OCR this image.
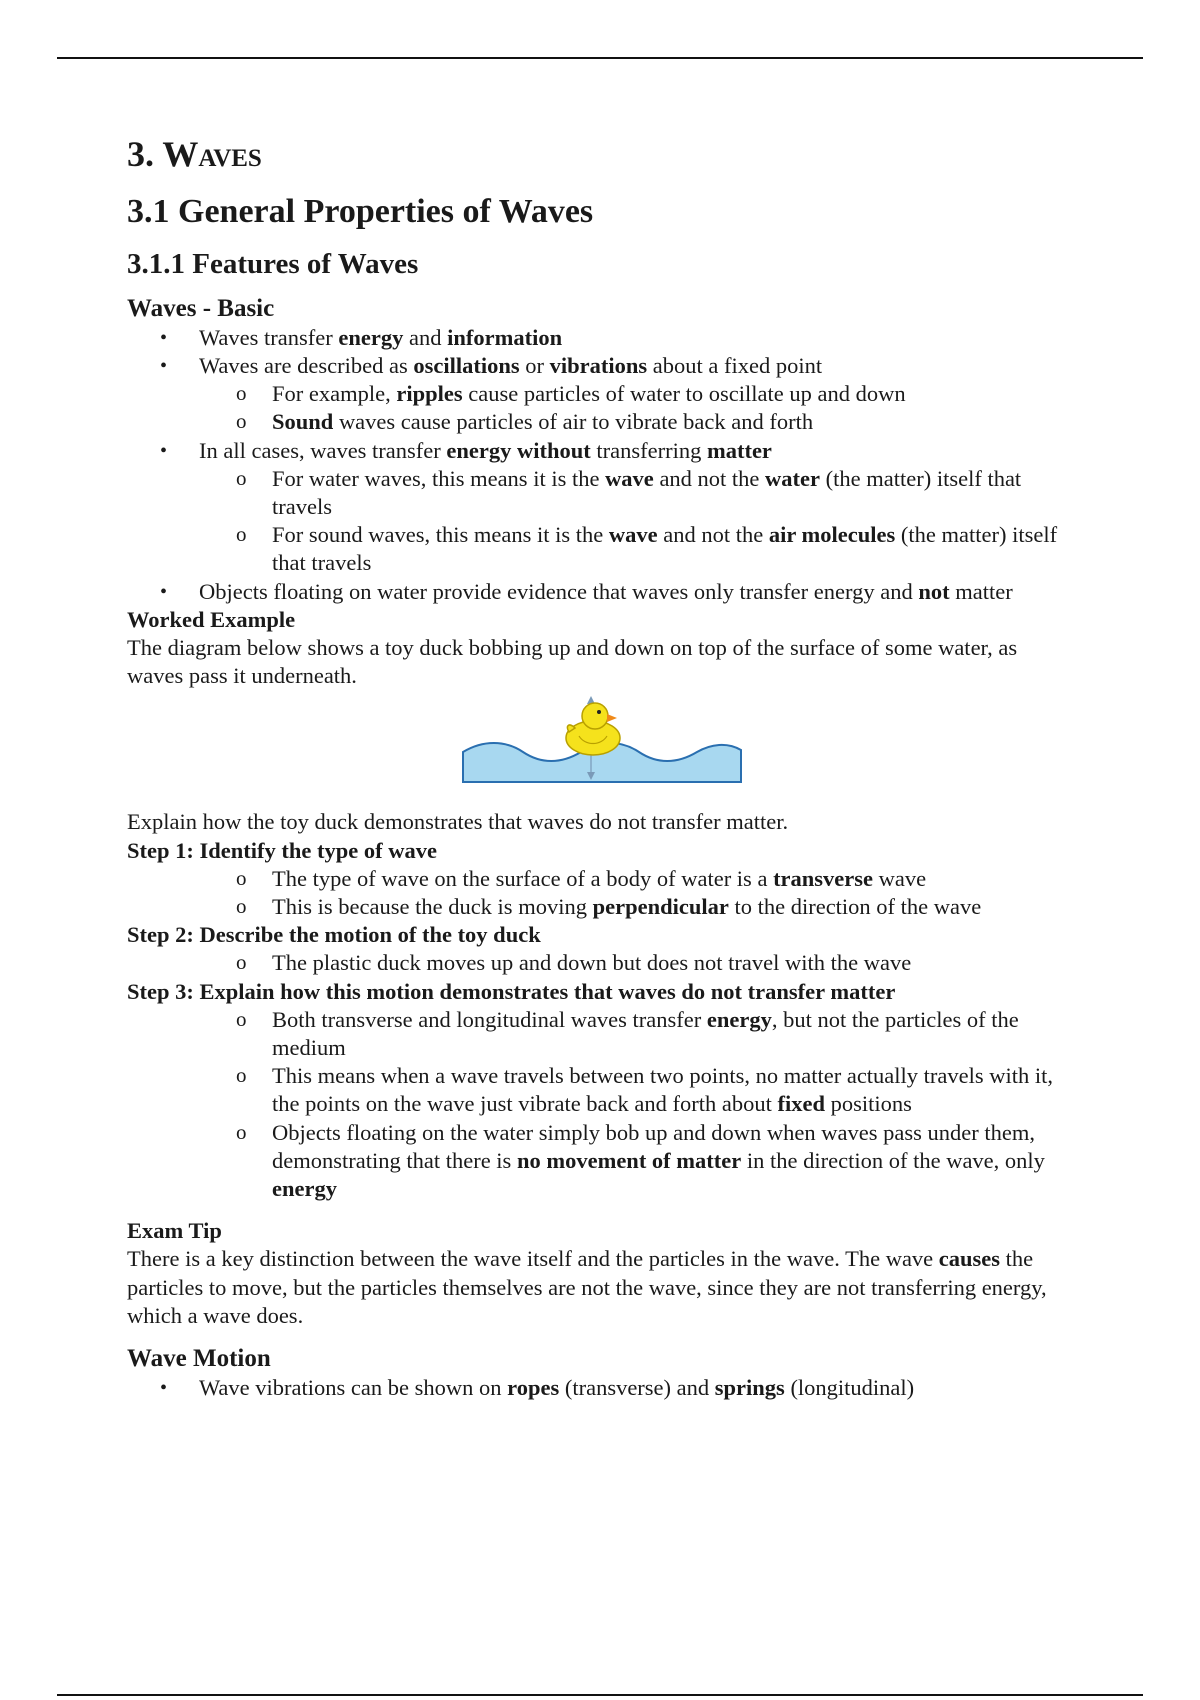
3. Waves
3.1 General Properties of Waves
3.1.1 Features of Waves
Waves - Basic
• Waves transfer energy and information
• Waves are described as oscillations or vibrations about a fixed point
o For example, ripples cause particles of water to oscillate up and down
o Sound waves cause particles of air to vibrate back and forth
• In all cases, waves transfer energy without transferring matter
o For water waves, this means it is the wave and not the water (the matter) itself that travels
o For sound waves, this means it is the wave and not the air molecules (the matter) itself that travels
• Objects floating on water provide evidence that waves only transfer energy and not matter
Worked Example

The diagram below shows a toy duck bobbing up and down on top of the surface of some water, as waves pass it underneath.

Explain how the toy duck demonstrates that waves do not transfer matter.

Step 1: Identify the type of wave
o The type of wave on the surface of a body of water is a transverse wave
o This is because the duck is moving perpendicular to the direction of the wave
Step 2: Describe the motion of the toy duck
o The plastic duck moves up and down but does not travel with the wave
Step 3: Explain how this motion demonstrates that waves do not transfer matter
o Both transverse and longitudinal waves transfer energy, but not the particles of the medium
o This means when a wave travels between two points, no matter actually travels with it, the points on the wave just vibrate back and forth about fixed positions
o Objects floating on the water simply bob up and down when waves pass under them, demonstrating that there is no movement of matter in the direction of the wave, only energy
Exam Tip

There is a key distinction between the wave itself and the particles in the wave. The wave causes the particles to move, but the particles themselves are not the wave, since they are not transferring energy, which a wave does.

Wave Motion
• Wave vibrations can be shown on ropes (transverse) and springs (longitudinal)
